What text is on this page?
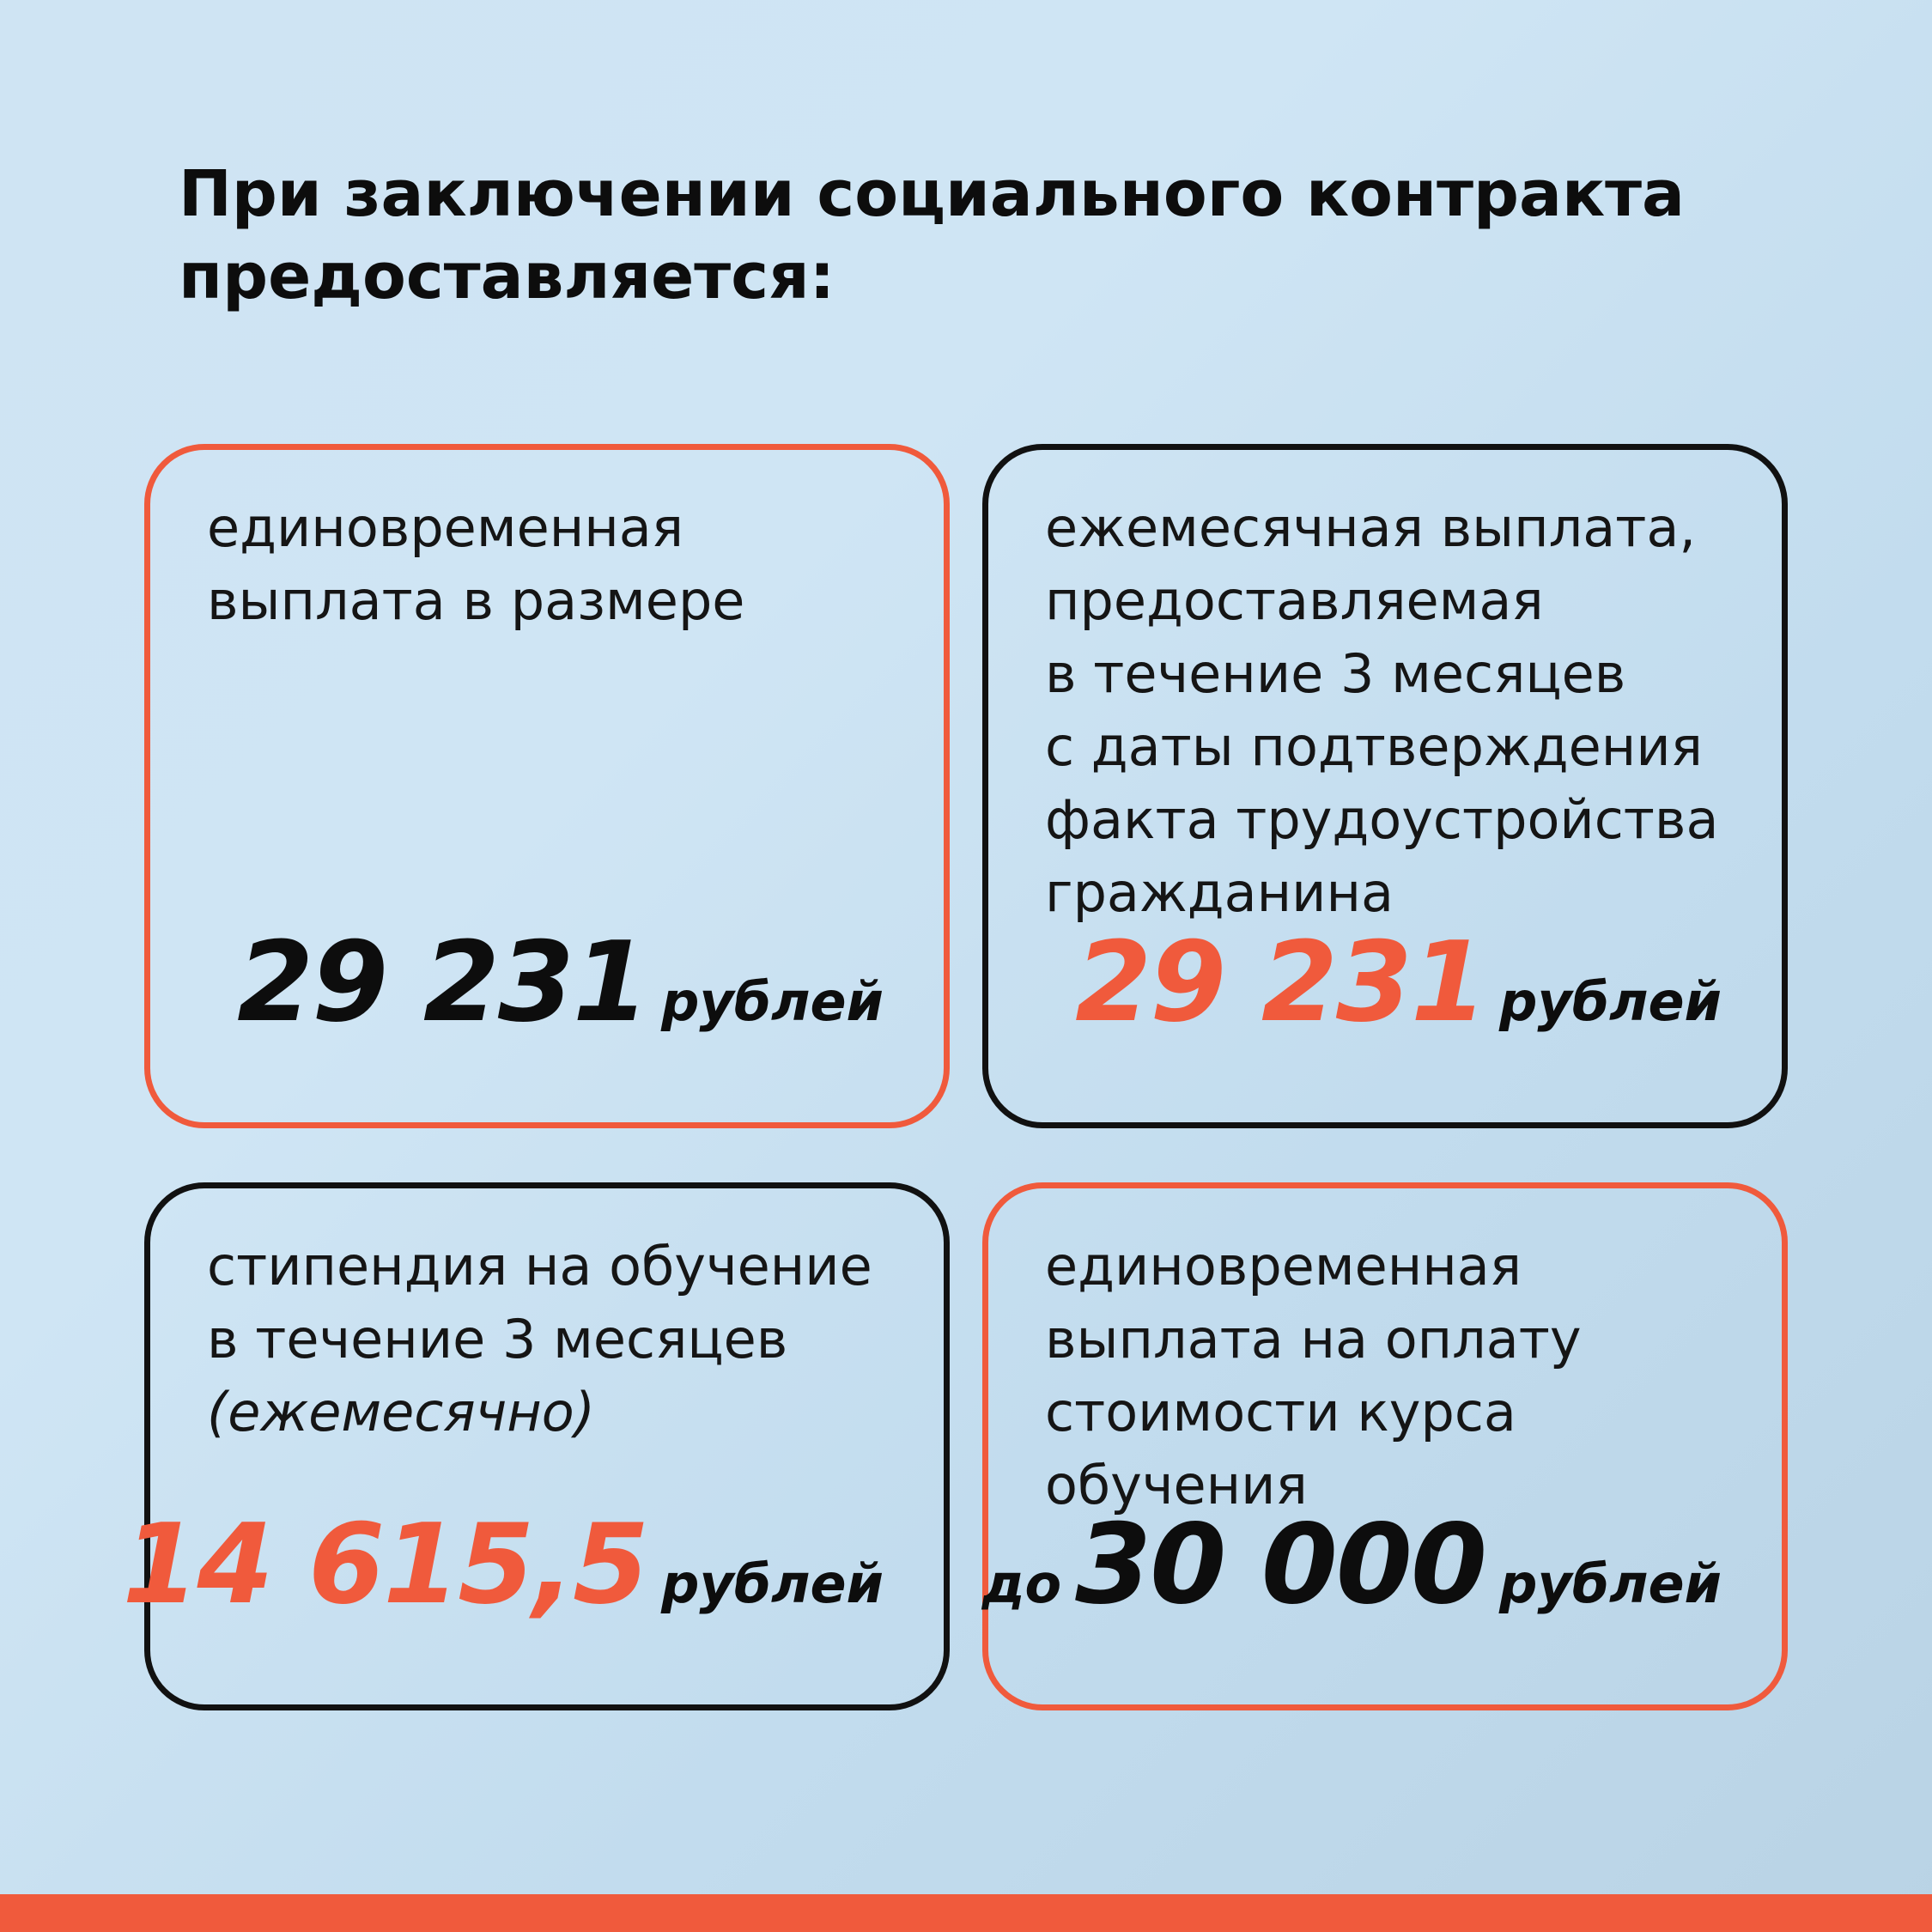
При заключении социального контракта
предоставляется:

единовременная
выплата в размере

29 231 рублей

ежемесячная выплата,
предоставляемая
в течение 3 месяцев
с даты подтверждения
факта трудоустройства
гражданина

29 231 рублей

стипендия на обучение
в течение 3 месяцев
(ежемесячно)

14 615,5 рублей

единовременная
выплата на оплату
стоимости курса
обучения

до 30 000 рублей
